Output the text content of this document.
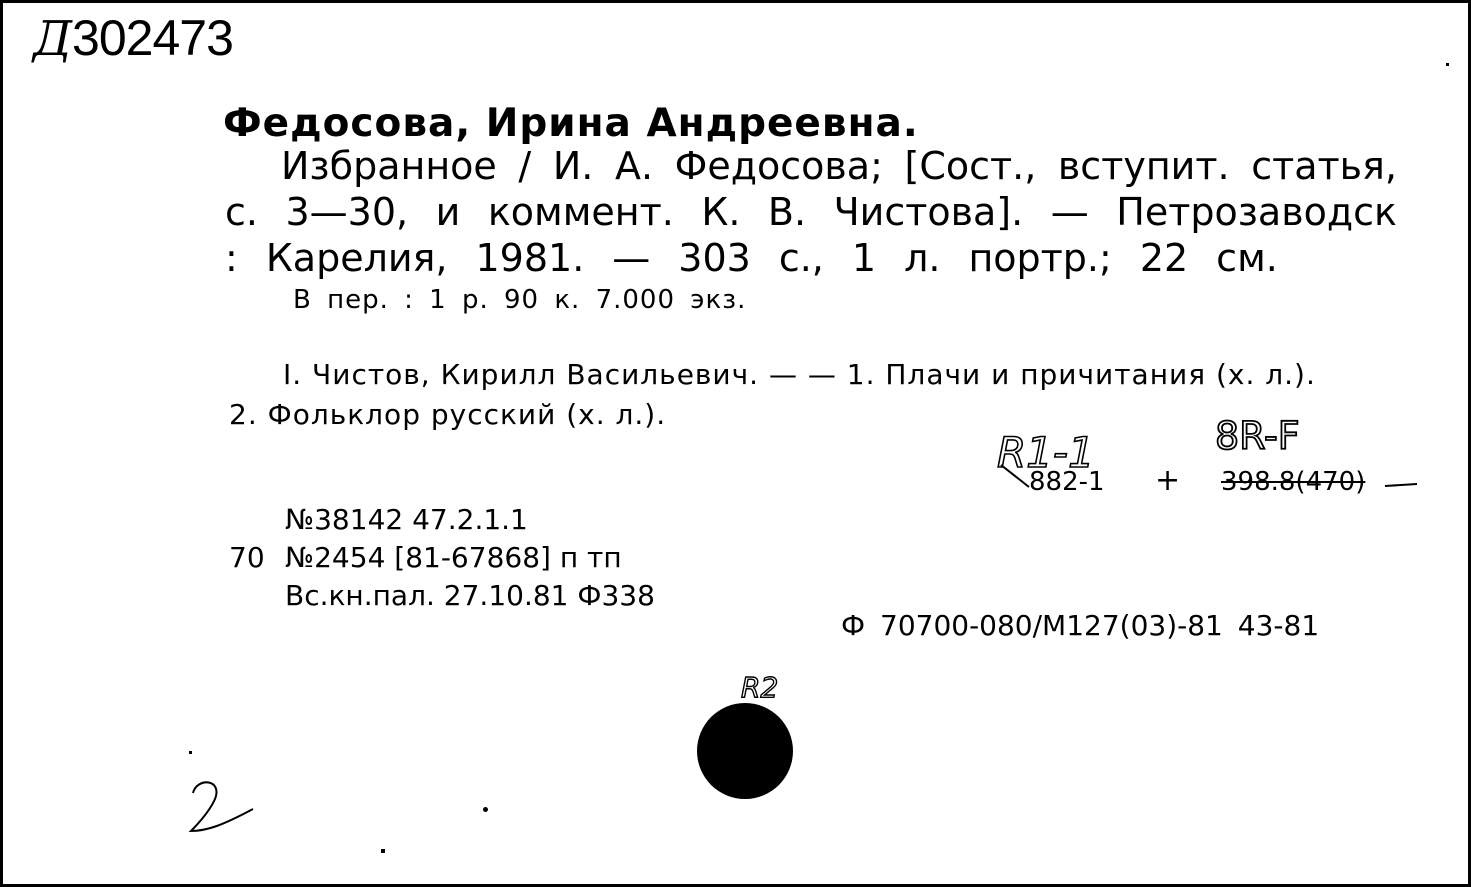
Д302473
Федосова, Ирина Андреевна.
Избранное / И. А. Федосова; [Сост., вступит. статья,
с. 3—30, и коммент. К. В. Чистова]. — Петрозаводск
: Карелия, 1981. — 303 с., 1 л. портр.; 22 см.
В пер. : 1 р. 90 к. 7.000 экз.
I. Чистов, Кирилл Васильевич. — — 1. Плачи и причитания (х. л.).
2. Фольклор русский (х. л.).
R1-1	8R-F
882-1 + 398.8(470)
№38142 47.2.1.1
70 №2454 [81-67868] п тп
Вс.кн.пал. 27.10.81 Ф338
Ф 70700-080/М127(03)-81 43-81
R2
2
